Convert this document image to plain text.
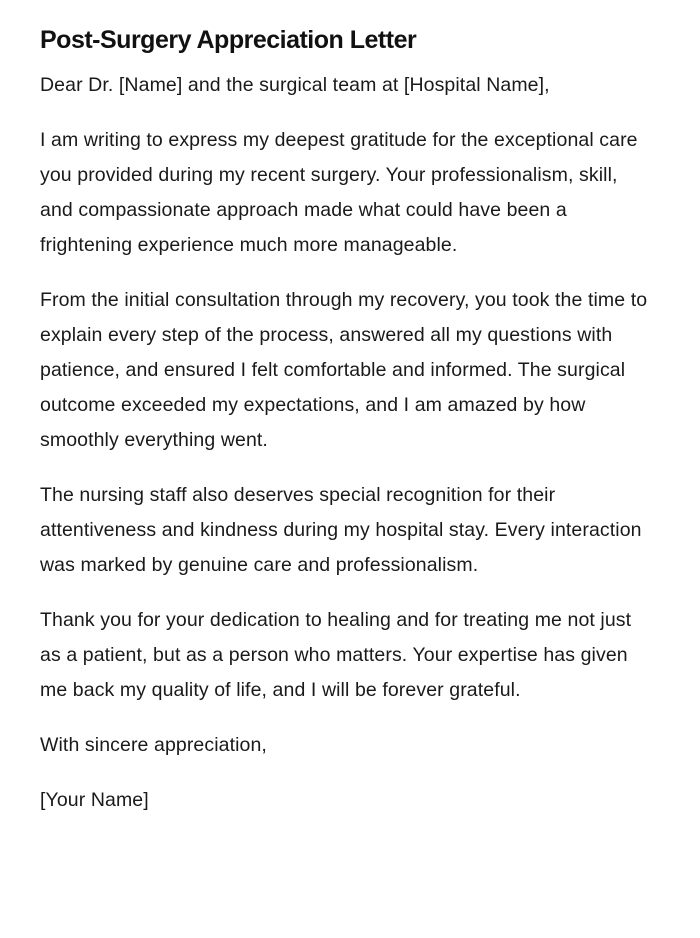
Post-Surgery Appreciation Letter

Dear Dr. [Name] and the surgical team at [Hospital Name],

I am writing to express my deepest gratitude for the exceptional care you provided during my recent surgery. Your professionalism, skill, and compassionate approach made what could have been a frightening experience much more manageable.

From the initial consultation through my recovery, you took the time to explain every step of the process, answered all my questions with patience, and ensured I felt comfortable and informed. The surgical outcome exceeded my expectations, and I am amazed by how smoothly everything went.

The nursing staff also deserves special recognition for their attentiveness and kindness during my hospital stay. Every interaction was marked by genuine care and professionalism.

Thank you for your dedication to healing and for treating me not just as a patient, but as a person who matters. Your expertise has given me back my quality of life, and I will be forever grateful.

With sincere appreciation,

[Your Name]
